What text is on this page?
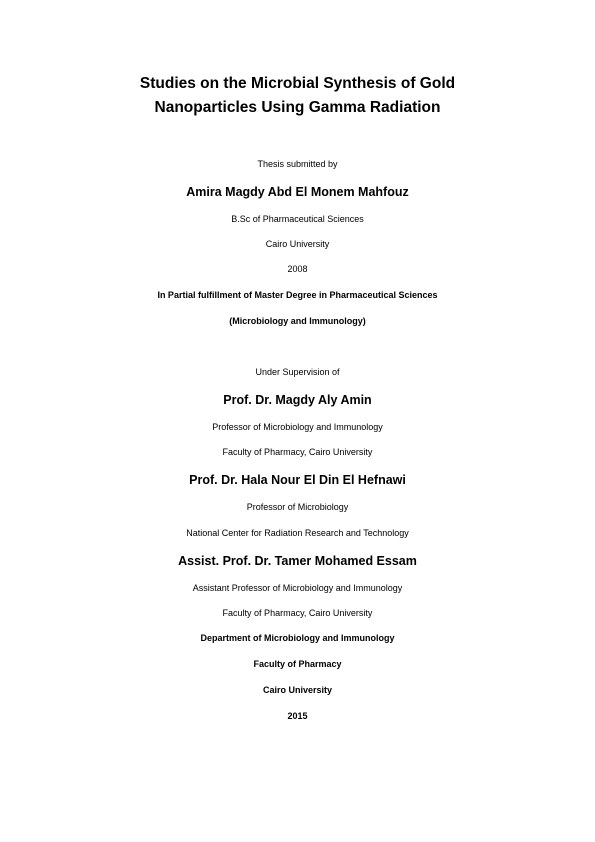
Studies on the Microbial Synthesis of Gold
Nanoparticles Using Gamma Radiation
Thesis submitted by
Amira Magdy Abd El Monem Mahfouz
B.Sc of Pharmaceutical Sciences
Cairo University
2008
In Partial fulfillment of Master Degree in Pharmaceutical Sciences
(Microbiology and Immunology)
Under Supervision of
Prof. Dr. Magdy Aly Amin
Professor of Microbiology and Immunology
Faculty of Pharmacy, Cairo University
Prof. Dr. Hala Nour El Din El Hefnawi
Professor of Microbiology
National Center for Radiation Research and Technology
Assist. Prof. Dr. Tamer Mohamed Essam
Assistant Professor of Microbiology and Immunology
Faculty of Pharmacy, Cairo University
Department of Microbiology and Immunology
Faculty of Pharmacy
Cairo University
2015
